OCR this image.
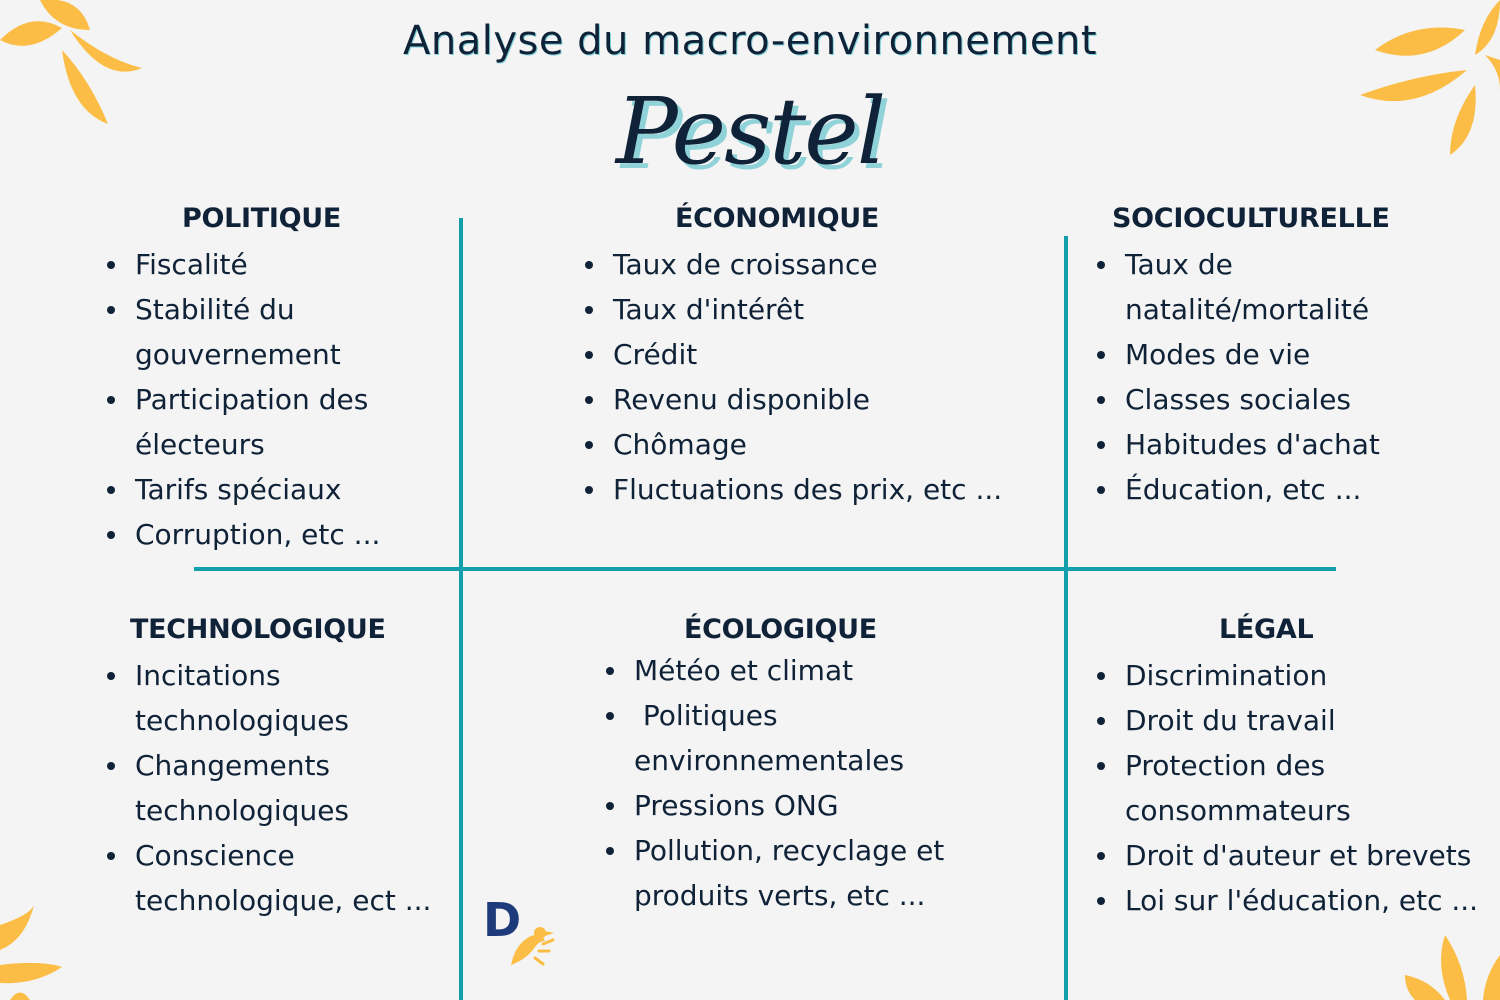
Analyse du macro-environnement
Pestel
POLITIQUE
Fiscalité
Stabilité du
gouvernement
Participation des
électeurs
Tarifs spéciaux
Corruption, etc ...
ÉCONOMIQUE
Taux de croissance
Taux d'intérêt
Crédit
Revenu disponible
Chômage
Fluctuations des prix, etc ...
SOCIOCULTURELLE
Taux de
natalité/mortalité
Modes de vie
Classes sociales
Habitudes d'achat
Éducation, etc ...
TECHNOLOGIQUE
Incitations
technologiques
Changements
technologiques
Conscience
technologique, ect ...
ÉCOLOGIQUE
Météo et climat
Politiques
environnementales
Pressions ONG
Pollution, recyclage et
produits verts, etc ...
LÉGAL
Discrimination
Droit du travail
Protection des
consommateurs
Droit d'auteur et brevets
Loi sur l'éducation, etc ...
D
